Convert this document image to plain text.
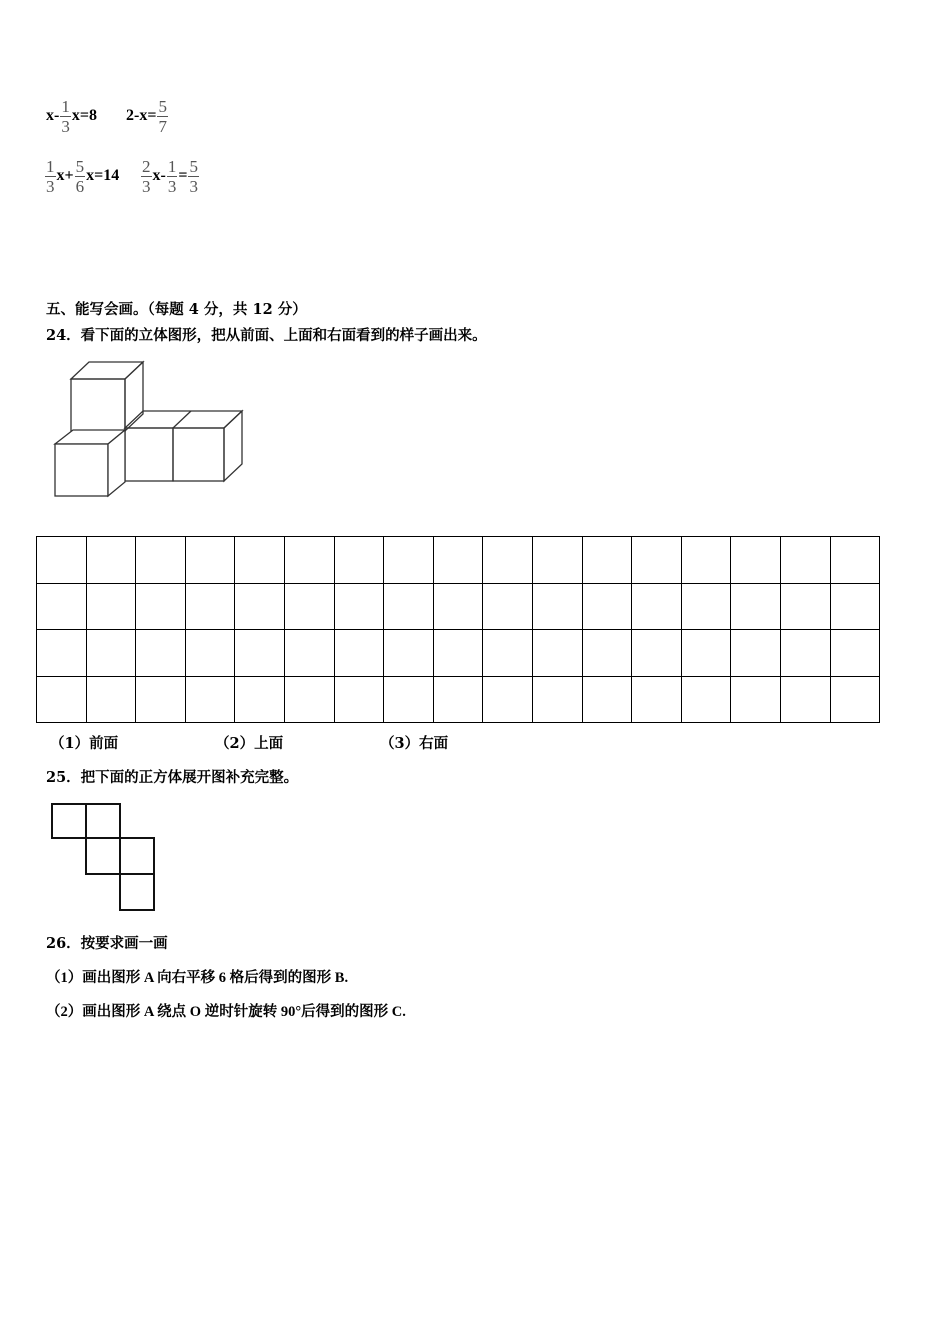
$x- \frac{1}{3} x=8$ $2-x= \frac{5}{7}$
$\frac{1}{3} x+ \frac{5}{6} x=14 \frac{2}{3} x- \frac{1}{3} = \frac{5}{3}$
五、能写会画。（每题 4 分，共 12 分）
24．看下面的立体图形，把从前面、上面和右面看到的样子画出来。

（1）前面	（2）上面	（3）右面
25．把下面的正方体展开图补充完整。
26．按要求画一画
（1）画出图形 A 向右平移 6 格后得到的图形 B.
（2）画出图形 A 绕点 O 逆时针旋转 90°后得到的图形 C.
